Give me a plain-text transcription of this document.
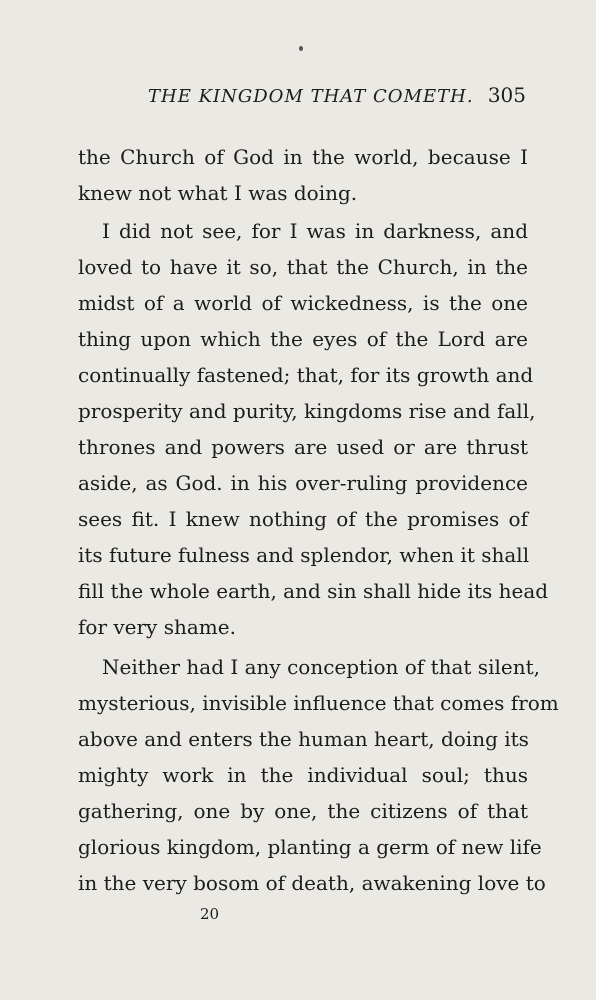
THE KINGDOM THAT COMETH. 305
the Church of God in the world, because I
knew not what I was doing.
I did not see, for I was in darkness, and
loved to have it so, that the Church, in the
midst of a world of wickedness, is the one
thing upon which the eyes of the Lord are
continually fastened; that, for its growth and
prosperity and purity, kingdoms rise and fall,
thrones and powers are used or are thrust
aside, as God. in his over-ruling providence
sees fit. I knew nothing of the promises of
its future fulness and splendor, when it shall
fill the whole earth, and sin shall hide its head
for very shame.
Neither had I any conception of that silent,
mysterious, invisible influence that comes from
above and enters the human heart, doing its
mighty work in the individual soul; thus
gathering, one by one, the citizens of that
glorious kingdom, planting a germ of new life
in the very bosom of death, awakening love to
20
